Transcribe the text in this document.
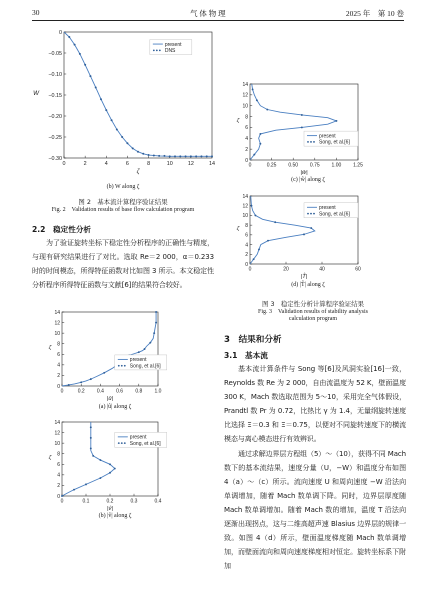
30	气 体 物 理	2025 年　第 10 卷
0	2	4	6	8	10	12	14
0
−0.05
−0.10
−0.15
−0.20
−0.25
−0.30
ζ
W
present
DNS
(b) W along ζ
图 2　基本流计算程序验证结果
Fig. 2　Validation results of base flow calculation program
2.2　稳定性分析
为了验证旋转坐标下稳定性分析程序的正确性与精度，与现有研究结果进行了对比。选取 Re＝2 000，α＝0.233 时的时间模态，所得特征函数对比如图 3 所示。本文稳定性分析程序所得特征函数与文献[6]的结果符合较好。
0	0.2 0.4 0.6 0.8 1.0
0
2
4
6
8
10
12
14
|û|
ζ
present
Song, et al.[6]
(a) |û| along ζ
0	0.1	0.2	0.3	0.4
0
2
4
6
8
10
12
14
|v̂|
ζ
present
Song, et al.[6]
(b) |v̂| along ζ
0	0.25 0.50 0.75 1.00 1.25
0
2
4
6
8
10
12
14
|ŵ|
ζ
present
Song, et al.[6]
(c) |ŵ| along ζ
0	20	40	60
0
2
4
6
8
10
12
14
|T̂|
ζ
present
Song, et al.[6]
(d) |T̂| along ζ
图 3　稳定性分析计算程序验证结果
Fig. 3　Validation results of stability analysis
calculation program
3　结果和分析
3.1　基本流

基本流计算条件与 Song 等[6]及风洞实验[16]一致，Reynolds 数 Re 为 2 000，自由流温度为 52 K，壁面温度 300 K，Mach 数选取范围为 5～10，采用完全气体假设，Prandtl 数 Pr 为 0.72，比热比 γ 为 1.4，无量纲旋转速度比选择 Ξ＝0.3 和 Ξ＝0.75，以便对不同旋转速度下的横流模态与离心模态进行有效辨识。

通过求解边界层方程组（5）～（10），获得不同 Mach 数下的基本流结果，速度分量（U，−W）和温度分布如图 4（a）～（c）所示。流向速度 U 和周向速度 −W 沿法向单调增加，随着 Mach 数单调下降。同时，边界层厚度随 Mach 数单调增加。随着 Mach 数的增加，温度 T 沿法向逐渐出现拐点，这与二维高超声速 Blasius 边界层的规律一致。如图 4（d）所示，壁面温度梯度随 Mach 数单调增加，而壁面流向和周向速度梯度相对恒定。旋转坐标系下附加
